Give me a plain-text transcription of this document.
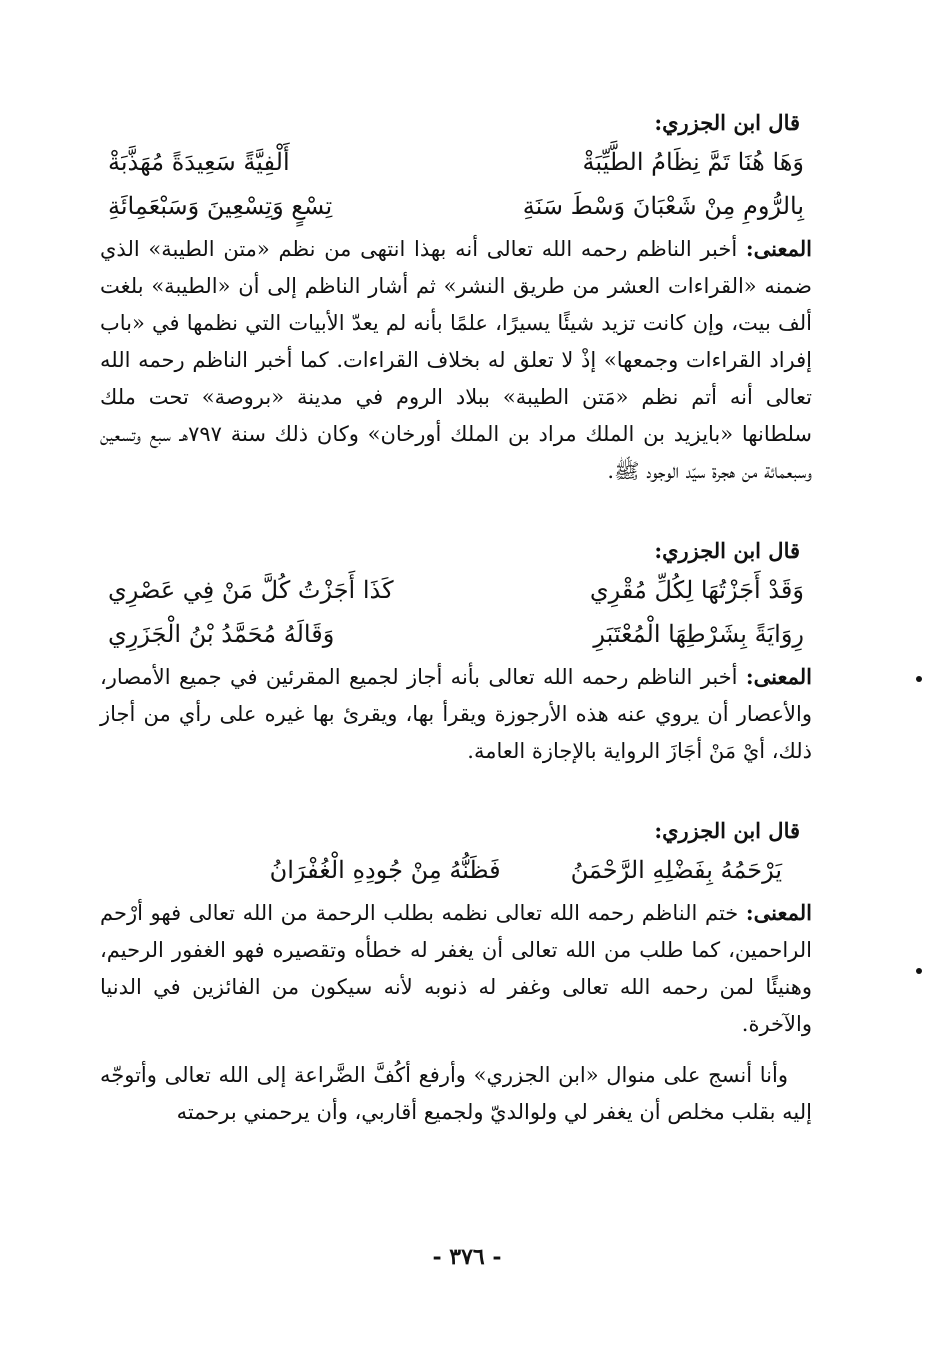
قال ابن الجزري:
وَهَا هُنَا تَمَّ نِظَامُ الطَّيِّبَةْ
أَلْفِيَّةً سَعِيدَةً مُهَذَّبَةْ
بِالرُّومِ مِنْ شَعْبَانَ وَسْطَ سَنَةِ
تِسْعٍ وَتِسْعِينَ وَسَبْعَمِائَةِ

المعنى: أخبر الناظم رحمه الله تعالى أنه بهذا انتهى من نظم «متن الطيبة» الذي ضمنه «القراءات العشر من طريق النشر» ثم أشار الناظم إلى أن «الطيبة» بلغت ألف بيت، وإن كانت تزيد شيئًا يسيرًا، علمًا بأنه لم يعدّ الأبيات التي نظمها في «باب إفراد القراءات وجمعها» إذْ لا تعلق له بخلاف القراءات. كما أخبر الناظم رحمه الله تعالى أنه أتم نظم «مَتن الطيبة» ببلاد الروم في مدينة «بروصة» تحت ملك سلطانها «بايزيد بن الملك مراد بن الملك أورخان» وكان ذلك سنة ٧٩٧هـ سبع وتسعين وسبعمائة من هجرة سيّد الوجود ﷺ.

قال ابن الجزري:
وَقَدْ أَجَزْتُهَا لِكُلِّ مُقْرِي
كَذَا أَجَزْتُ كُلَّ مَنْ فِي عَصْرِي
رِوَايَةً بِشَرْطِهَا الْمُعْتَبَرِ
وَقَالَهُ مُحَمَّدُ بْنُ الْجَزَرِي

المعنى: أخبر الناظم رحمه الله تعالى بأنه أجاز لجميع المقرئين في جميع الأمصار، والأعصار أن يروي عنه هذه الأرجوزة ويقرأ بها، ويقرئ بها غيره على رأي من أجاز ذلك، أيْ مَنْ أجَازَ الرواية بالإجازة العامة.

قال ابن الجزري:
يَرْحَمُهُ بِفَضْلِهِ الرَّحْمَنُ
فَظَنُّهُ مِنْ جُودِهِ الْغُفْرَانُ

المعنى: ختم الناظم رحمه الله تعالى نظمه بطلب الرحمة من الله تعالى فهو أرْحم الراحمين، كما طلب من الله تعالى أن يغفر له خطأه وتقصيره فهو الغفور الرحيم، وهنيئًا لمن رحمه الله تعالى وغفر له ذنوبه لأنه سيكون من الفائزين في الدنيا والآخرة.

وأنا أنسج على منوال «ابن الجزري» وأرفع أكُفَّ الضَّراعة إلى الله تعالى وأتوجّه إليه بقلب مخلص أن يغفر لي ولوالديّ ولجميع أقاربي، وأن يرحمني برحمته

- ٣٧٦ -
